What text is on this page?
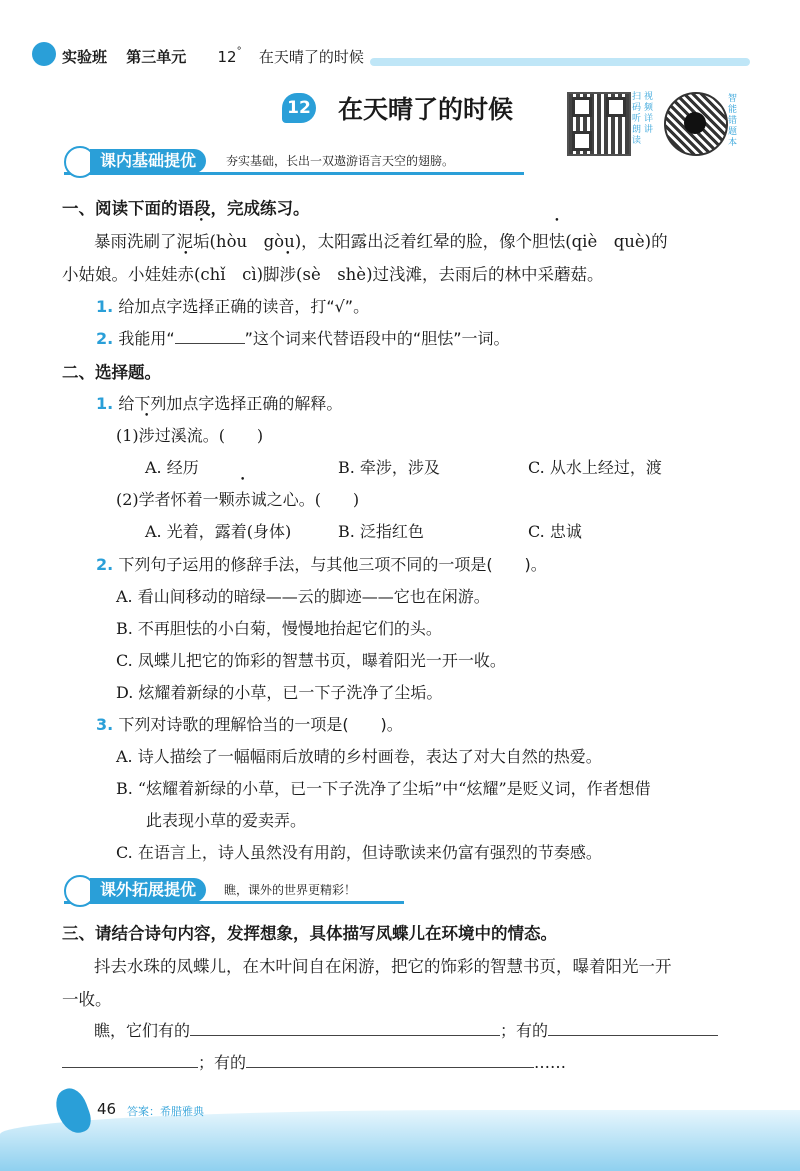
实验班 第三单元 12° 在天晴了的时候
12 在天晴了的时候	扫码听朗读
视频详讲
智能错题本
课内基础提优	夯实基础，长出一双遨游语言天空的翅膀。
一、阅读下面的语段，完成练习。
暴雨洗刷了泥垢(hòu　gòu)，太阳露出泛着红晕的脸，像个胆怯(qiè　què)的
小姑娘。小娃娃赤(chǐ　cì)脚涉(sè　shè)过浅滩，去雨后的林中采蘑菇。
1. 给加点字选择正确的读音，打“√”。
2. 我能用“	”这个词来代替语段中的“胆怯”一词。
二、选择题。
1. 给下列加点字选择正确的解释。
(1)涉过溪流。(　　)
A. 经历	B. 牵涉，涉及	C. 从水上经过，渡
(2)学者怀着一颗赤诚之心。(　　)
A. 光着，露着(身体)	B. 泛指红色	C. 忠诚
2. 下列句子运用的修辞手法，与其他三项不同的一项是(　　)。
A. 看山间移动的暗绿——云的脚迹——它也在闲游。
B. 不再胆怯的小白菊，慢慢地抬起它们的头。
C. 凤蝶儿把它的饰彩的智慧书页，曝着阳光一开一收。
D. 炫耀着新绿的小草，已一下子洗净了尘垢。
3. 下列对诗歌的理解恰当的一项是(　　)。
A. 诗人描绘了一幅幅雨后放晴的乡村画卷，表达了对大自然的热爱。
B. “炫耀着新绿的小草，已一下子洗净了尘垢”中“炫耀”是贬义词，作者想借
此表现小草的爱卖弄。
C. 在语言上，诗人虽然没有用韵，但诗歌读来仍富有强烈的节奏感。
课外拓展提优	瞧，课外的世界更精彩！
三、请结合诗句内容，发挥想象，具体描写凤蝶儿在环境中的情态。
抖去水珠的凤蝶儿，在木叶间自在闲游，把它的饰彩的智慧书页，曝着阳光一开
一收。
瞧，它们有的	；有的
；有的	……
46 答案：希腊雅典
